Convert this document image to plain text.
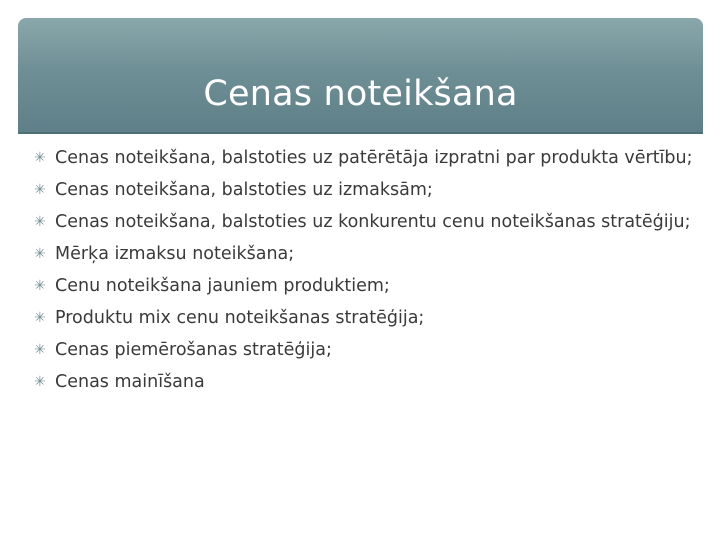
Cenas noteikšana
✳ Cenas noteikšana, balstoties uz patērētāja izpratni par produkta vērtību;
✳ Cenas noteikšana, balstoties uz izmaksām;
✳ Cenas noteikšana, balstoties uz konkurentu cenu noteikšanas stratēģiju;
✳ Mērķa izmaksu noteikšana;
✳ Cenu noteikšana jauniem produktiem;
✳ Produktu mix cenu noteikšanas stratēģija;
✳ Cenas piemērošanas stratēģija;
✳ Cenas mainīšana
